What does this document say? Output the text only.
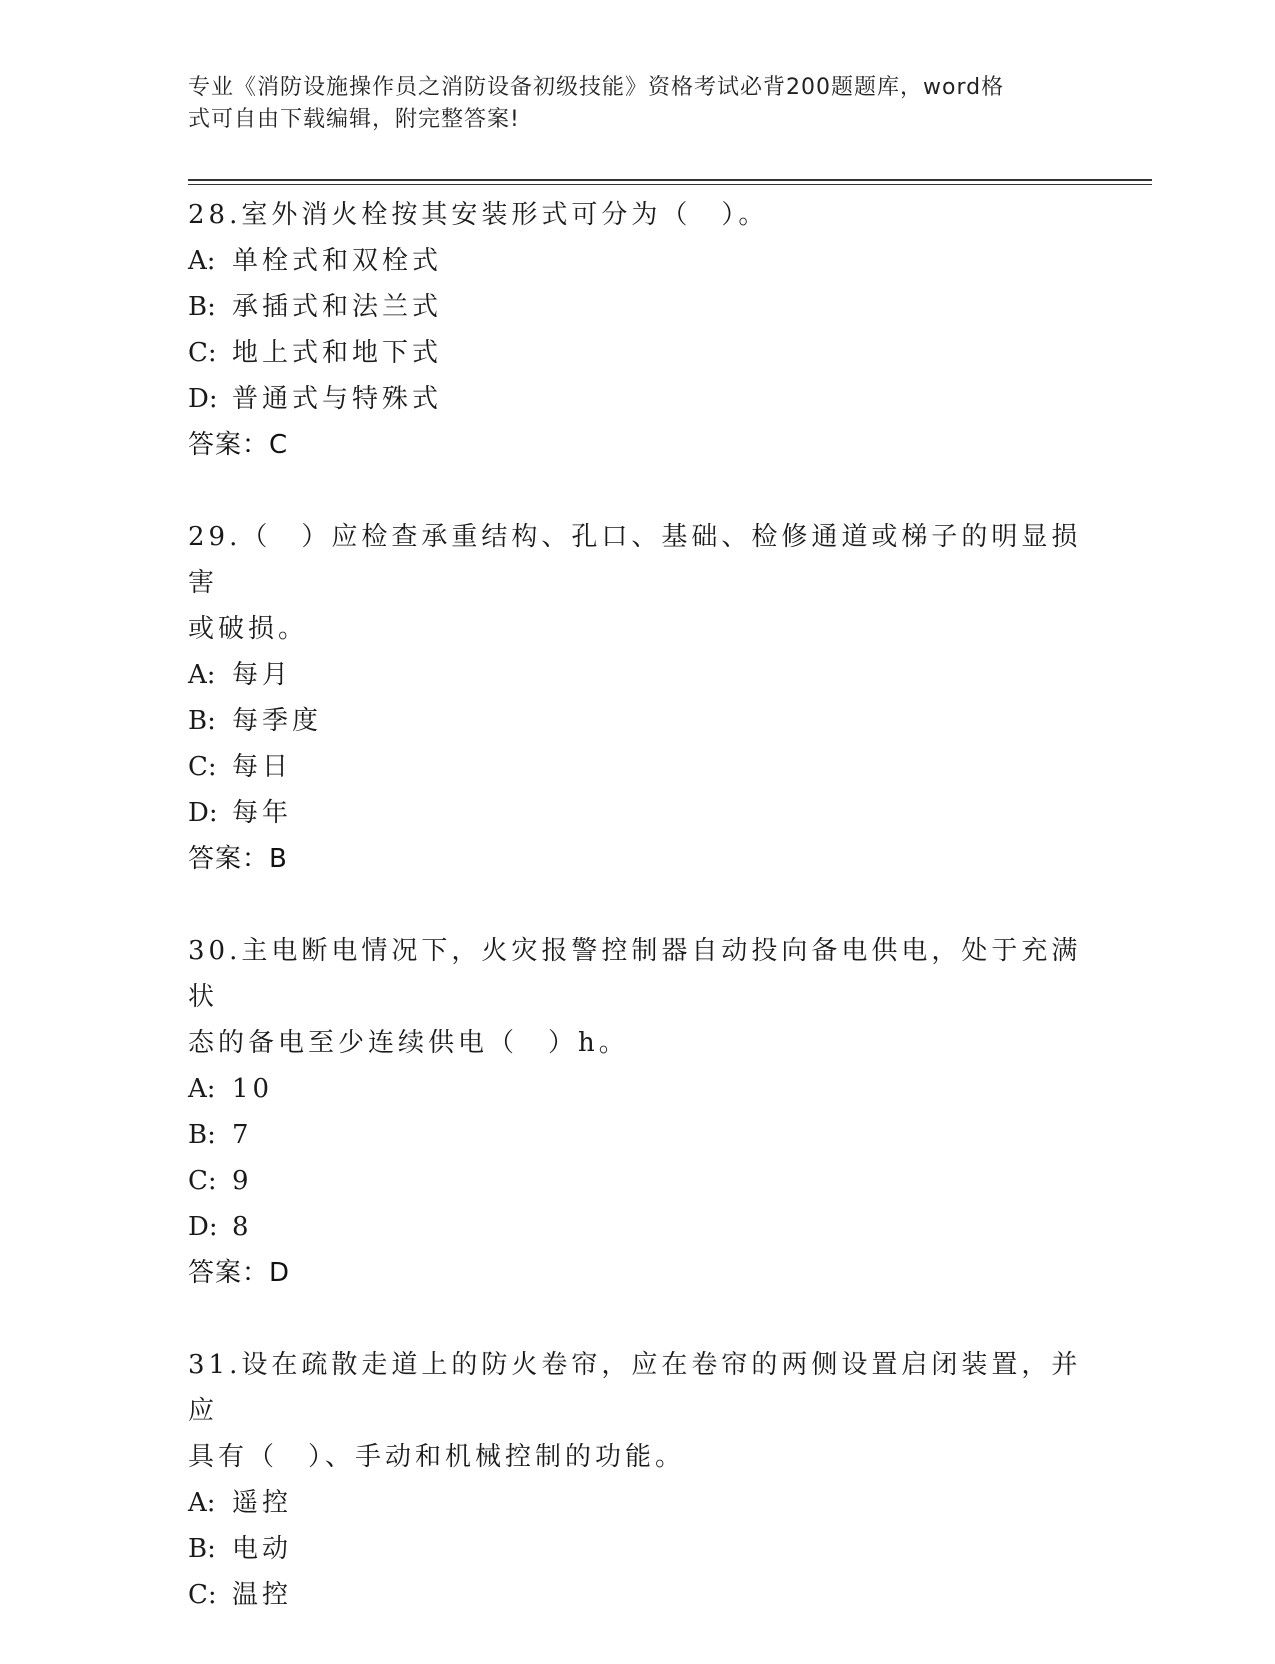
专业《消防设施操作员之消防设备初级技能》资格考试必背200题题库，word格
式可自由下载编辑，附完整答案!
28.室外消火栓按其安装形式可分为（　）。
A: 单栓式和双栓式
B: 承插式和法兰式
C: 地上式和地下式
D: 普通式与特殊式
答案：C
29.（　）应检查承重结构、孔口、基础、检修通道或梯子的明显损害
或破损。
A: 每月
B: 每季度
C: 每日
D: 每年
答案：B
30.主电断电情况下，火灾报警控制器自动投向备电供电，处于充满状
态的备电至少连续供电（　）h。
A: 10
B: 7
C: 9
D: 8
答案：D
31.设在疏散走道上的防火卷帘，应在卷帘的两侧设置启闭装置，并应
具有（　）、手动和机械控制的功能。
A: 遥控
B: 电动
C: 温控
